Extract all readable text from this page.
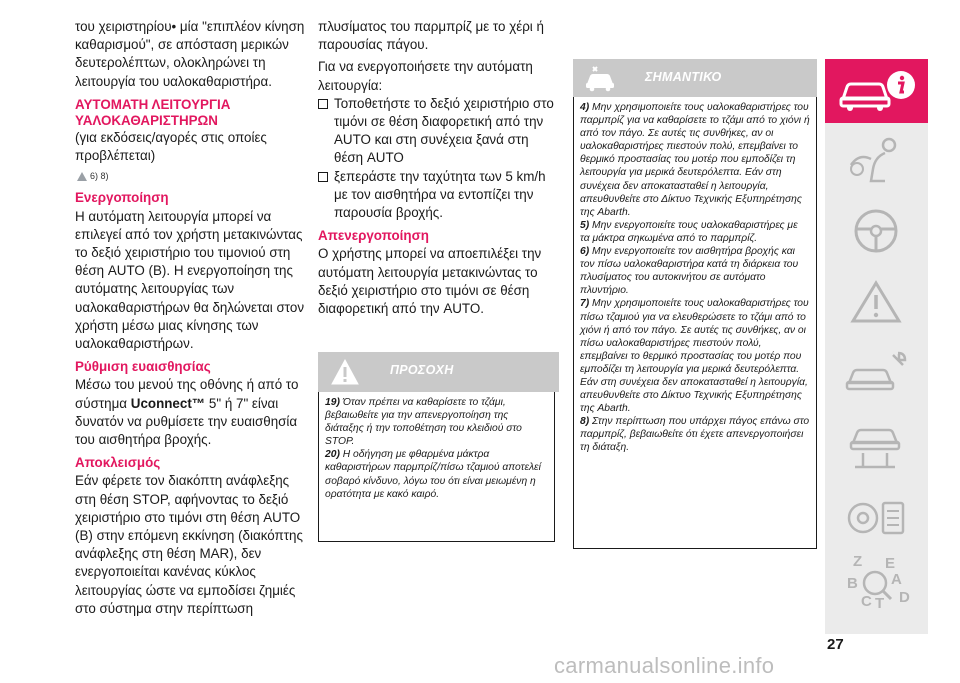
του χειριστηρίου• μία "επιπλέον κίνηση καθαρισμού", σε απόσταση μερικών δευτερολέπτων, ολοκληρώνει τη λειτουργία του υαλοκαθαριστήρα.

ΑΥΤΟΜΑΤΗ ΛΕΙΤΟΥΡΓΙΑ

ΥΑΛΟΚΑΘΑΡΙΣΤΗΡΩΝ

(για εκδόσεις/αγορές στις οποίες προβλέπεται)

6) 8)

Ενεργοποίηση

Η αυτόματη λειτουργία μπορεί να επιλεγεί από τον χρήστη μετακινώντας το δεξιό χειριστήριο του τιμονιού στη θέση AUTO (B). Η ενεργοποίηση της αυτόματης λειτουργίας των υαλοκαθαριστήρων θα δηλώνεται στον χρήστη μέσω μιας κίνησης των υαλοκαθαριστήρων.

Ρύθμιση ευαισθησίας

Μέσω του μενού της οθόνης ή από το σύστημα Uconnect™ 5" ή 7" είναι δυνατόν να ρυθμίσετε την ευαισθησία του αισθητήρα βροχής.

Αποκλεισμός

Εάν φέρετε τον διακόπτη ανάφλεξης στη θέση STOP, αφήνοντας το δεξιό χειριστήριο στο τιμόνι στη θέση AUTO (B) στην επόμενη εκκίνηση (διακόπτης ανάφλεξης στη θέση MAR), δεν ενεργοποιείται κανένας κύκλος λειτουργίας ώστε να εμποδίσει ζημιές στο σύστημα στην περίπτωση

πλυσίματος του παρμπρίζ με το χέρι ή παρουσίας πάγου.

Για να ενεργοποιήσετε την αυτόματη λειτουργία:

Τοποθετήστε το δεξιό χειριστήριο στο τιμόνι σε θέση διαφορετική από την AUTO και στη συνέχεια ξανά στη θέση AUTO
ξεπεράστε την ταχύτητα των 5 km/h με τον αισθητήρα να εντοπίζει την παρουσία βροχής.

Απενεργοποίηση

Ο χρήστης μπορεί να αποεπιλέξει την αυτόματη λειτουργία μετακινώντας το δεξιό χειριστήριο στο τιμόνι σε θέση διαφορετική από την AUTO.

ΠΡΟΣΟΧΗ

19) Όταν πρέπει να καθαρίσετε το τζάμι, βεβαιωθείτε για την απενεργοποίηση της διάταξης ή την τοποθέτηση του κλειδιού στο STOP.

20) Η οδήγηση με φθαρμένα μάκτρα καθαριστήρων παρμπρίζ/πίσω τζαμιού αποτελεί σοβαρό κίνδυνο, λόγω του ότι είναι μειωμένη η ορατότητα με κακό καιρό.

ΣΗΜΑΝΤΙΚΟ

4) Μην χρησιμοποιείτε τους υαλοκαθαριστήρες του παρμπρίζ για να καθαρίσετε το τζάμι από το χιόνι ή από τον πάγο. Σε αυτές τις συνθήκες, αν οι υαλοκαθαριστήρες πιεστούν πολύ, επεμβαίνει το θερμικό προστασίας του μοτέρ που εμποδίζει τη λειτουργία για μερικά δευτερόλεπτα. Εάν στη συνέχεια δεν αποκατασταθεί η λειτουργία, απευθυνθείτε στο Δίκτυο Τεχνικής Εξυπηρέτησης της Abarth.

5) Μην ενεργοποιείτε τους υαλοκαθαριστήρες με τα μάκτρα σηκωμένα από το παρμπρίζ.

6) Μην ενεργοποιείτε τον αισθητήρα βροχής και τον πίσω υαλοκαθαριστήρα κατά τη διάρκεια του πλυσίματος του αυτοκινήτου σε αυτόματο πλυντήριο.

7) Μην χρησιμοποιείτε τους υαλοκαθαριστήρες του πίσω τζαμιού για να ελευθερώσετε το τζάμι από το χιόνι ή από τον πάγο. Σε αυτές τις συνθήκες, αν οι πίσω υαλοκαθαριστήρες πιεστούν πολύ, επεμβαίνει το θερμικό προστασίας του μοτέρ που εμποδίζει τη λειτουργία για μερικά δευτερόλεπτα. Εάν στη συνέχεια δεν αποκατασταθεί η λειτουργία, απευθυνθείτε στο Δίκτυο Τεχνικής Εξυπηρέτησης της Abarth.

8) Στην περίπτωση που υπάρχει πάγος επάνω στο παρμπρίζ, βεβαιωθείτε ότι έχετε απενεργοποιήσει τη διάταξη.

Z
B
E
A
C T D
27
carmanualsonline.info
